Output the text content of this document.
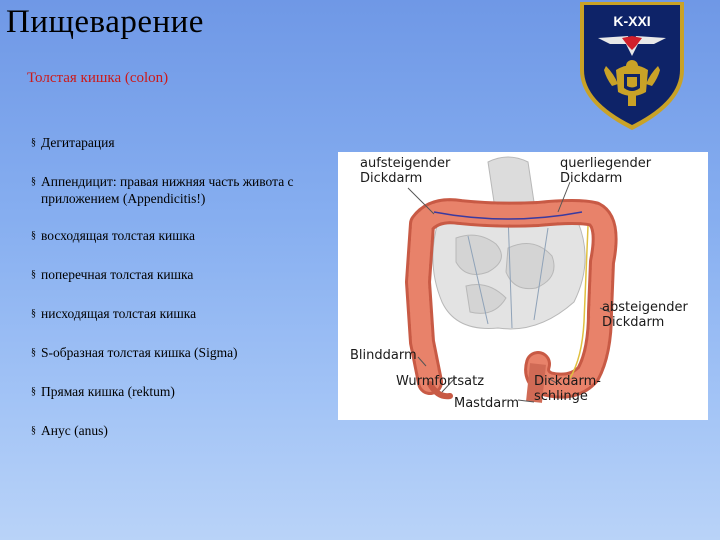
Пищеварение
Толстая кишка (colon)
§ Дегитарация
§ Аппендицит: правая нижняя часть живота с приложением (Appendicitis!)
§ восходящая толстая кишка
§ поперечная толстая кишка
§ нисходящая толстая кишка
§ S-образная толстая кишка (Sigma)
§ Прямая кишка (rektum)
§ Анус (anus)
K-XXI
aufsteigender
Dickdarm
querliegender
Dickdarm
absteigender
Dickdarm
Blinddarm
Wurmfortsatz	Dickdarm-
schlinge
Mastdarm
